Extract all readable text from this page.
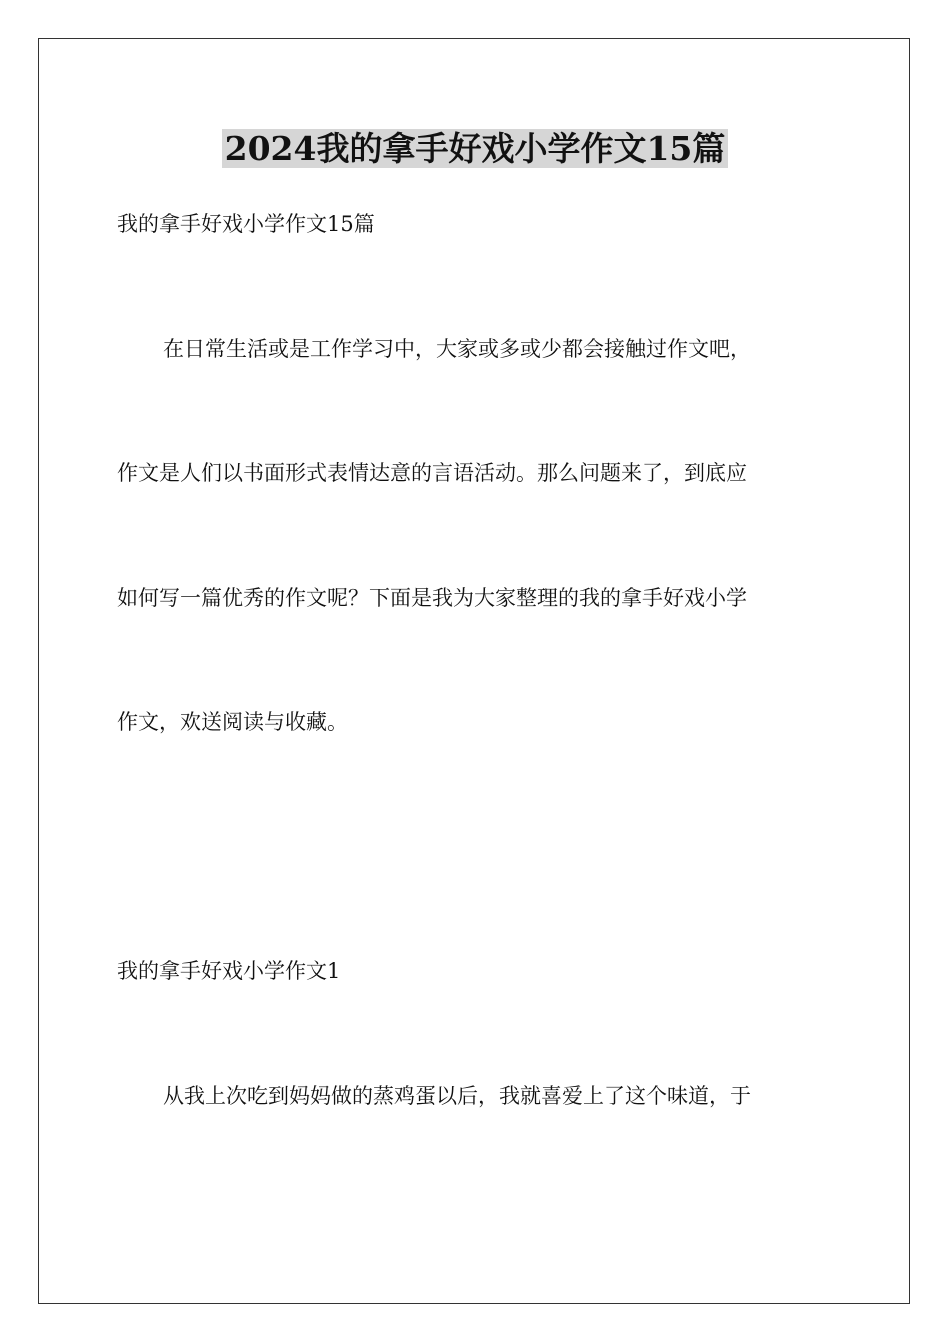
2024我的拿手好戏小学作文15篇
我的拿手好戏小学作文15篇
在日常生活或是工作学习中，大家或多或少都会接触过作文吧，
作文是人们以书面形式表情达意的言语活动。那么问题来了，到底应
如何写一篇优秀的作文呢？下面是我为大家整理的我的拿手好戏小学
作文，欢送阅读与收藏。
我的拿手好戏小学作文1
从我上次吃到妈妈做的蒸鸡蛋以后，我就喜爱上了这个味道，于
